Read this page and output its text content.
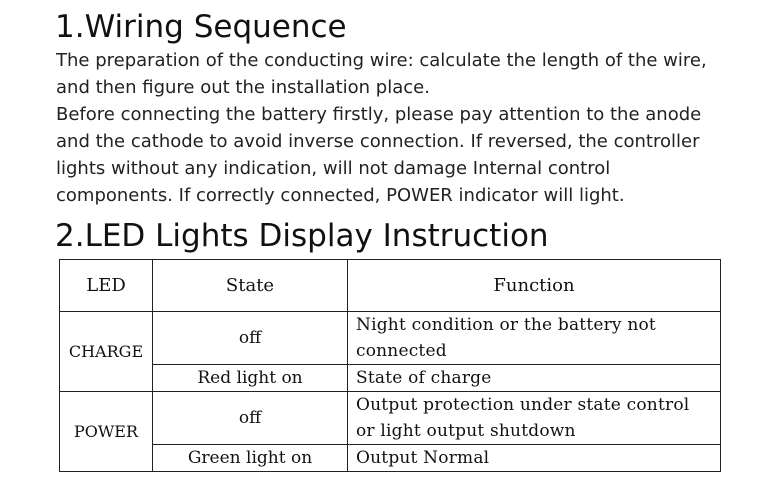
1.Wiring Sequence
The preparation of the conducting wire: calculate the length of the wire,
and then figure out the installation place.
Before connecting the battery firstly, please pay attention to the anode
and the cathode to avoid inverse connection. If reversed, the controller
lights without any indication, will not damage Internal control
components. If correctly connected, POWER indicator will light.
2.LED Lights Display Instruction
LED	State	Function
CHARGE	off	Night condition or the battery not
connected

	Red light on	State of charge

POWER	off	Output protection under state control
or light output shutdown

	Green light on	Output Normal
